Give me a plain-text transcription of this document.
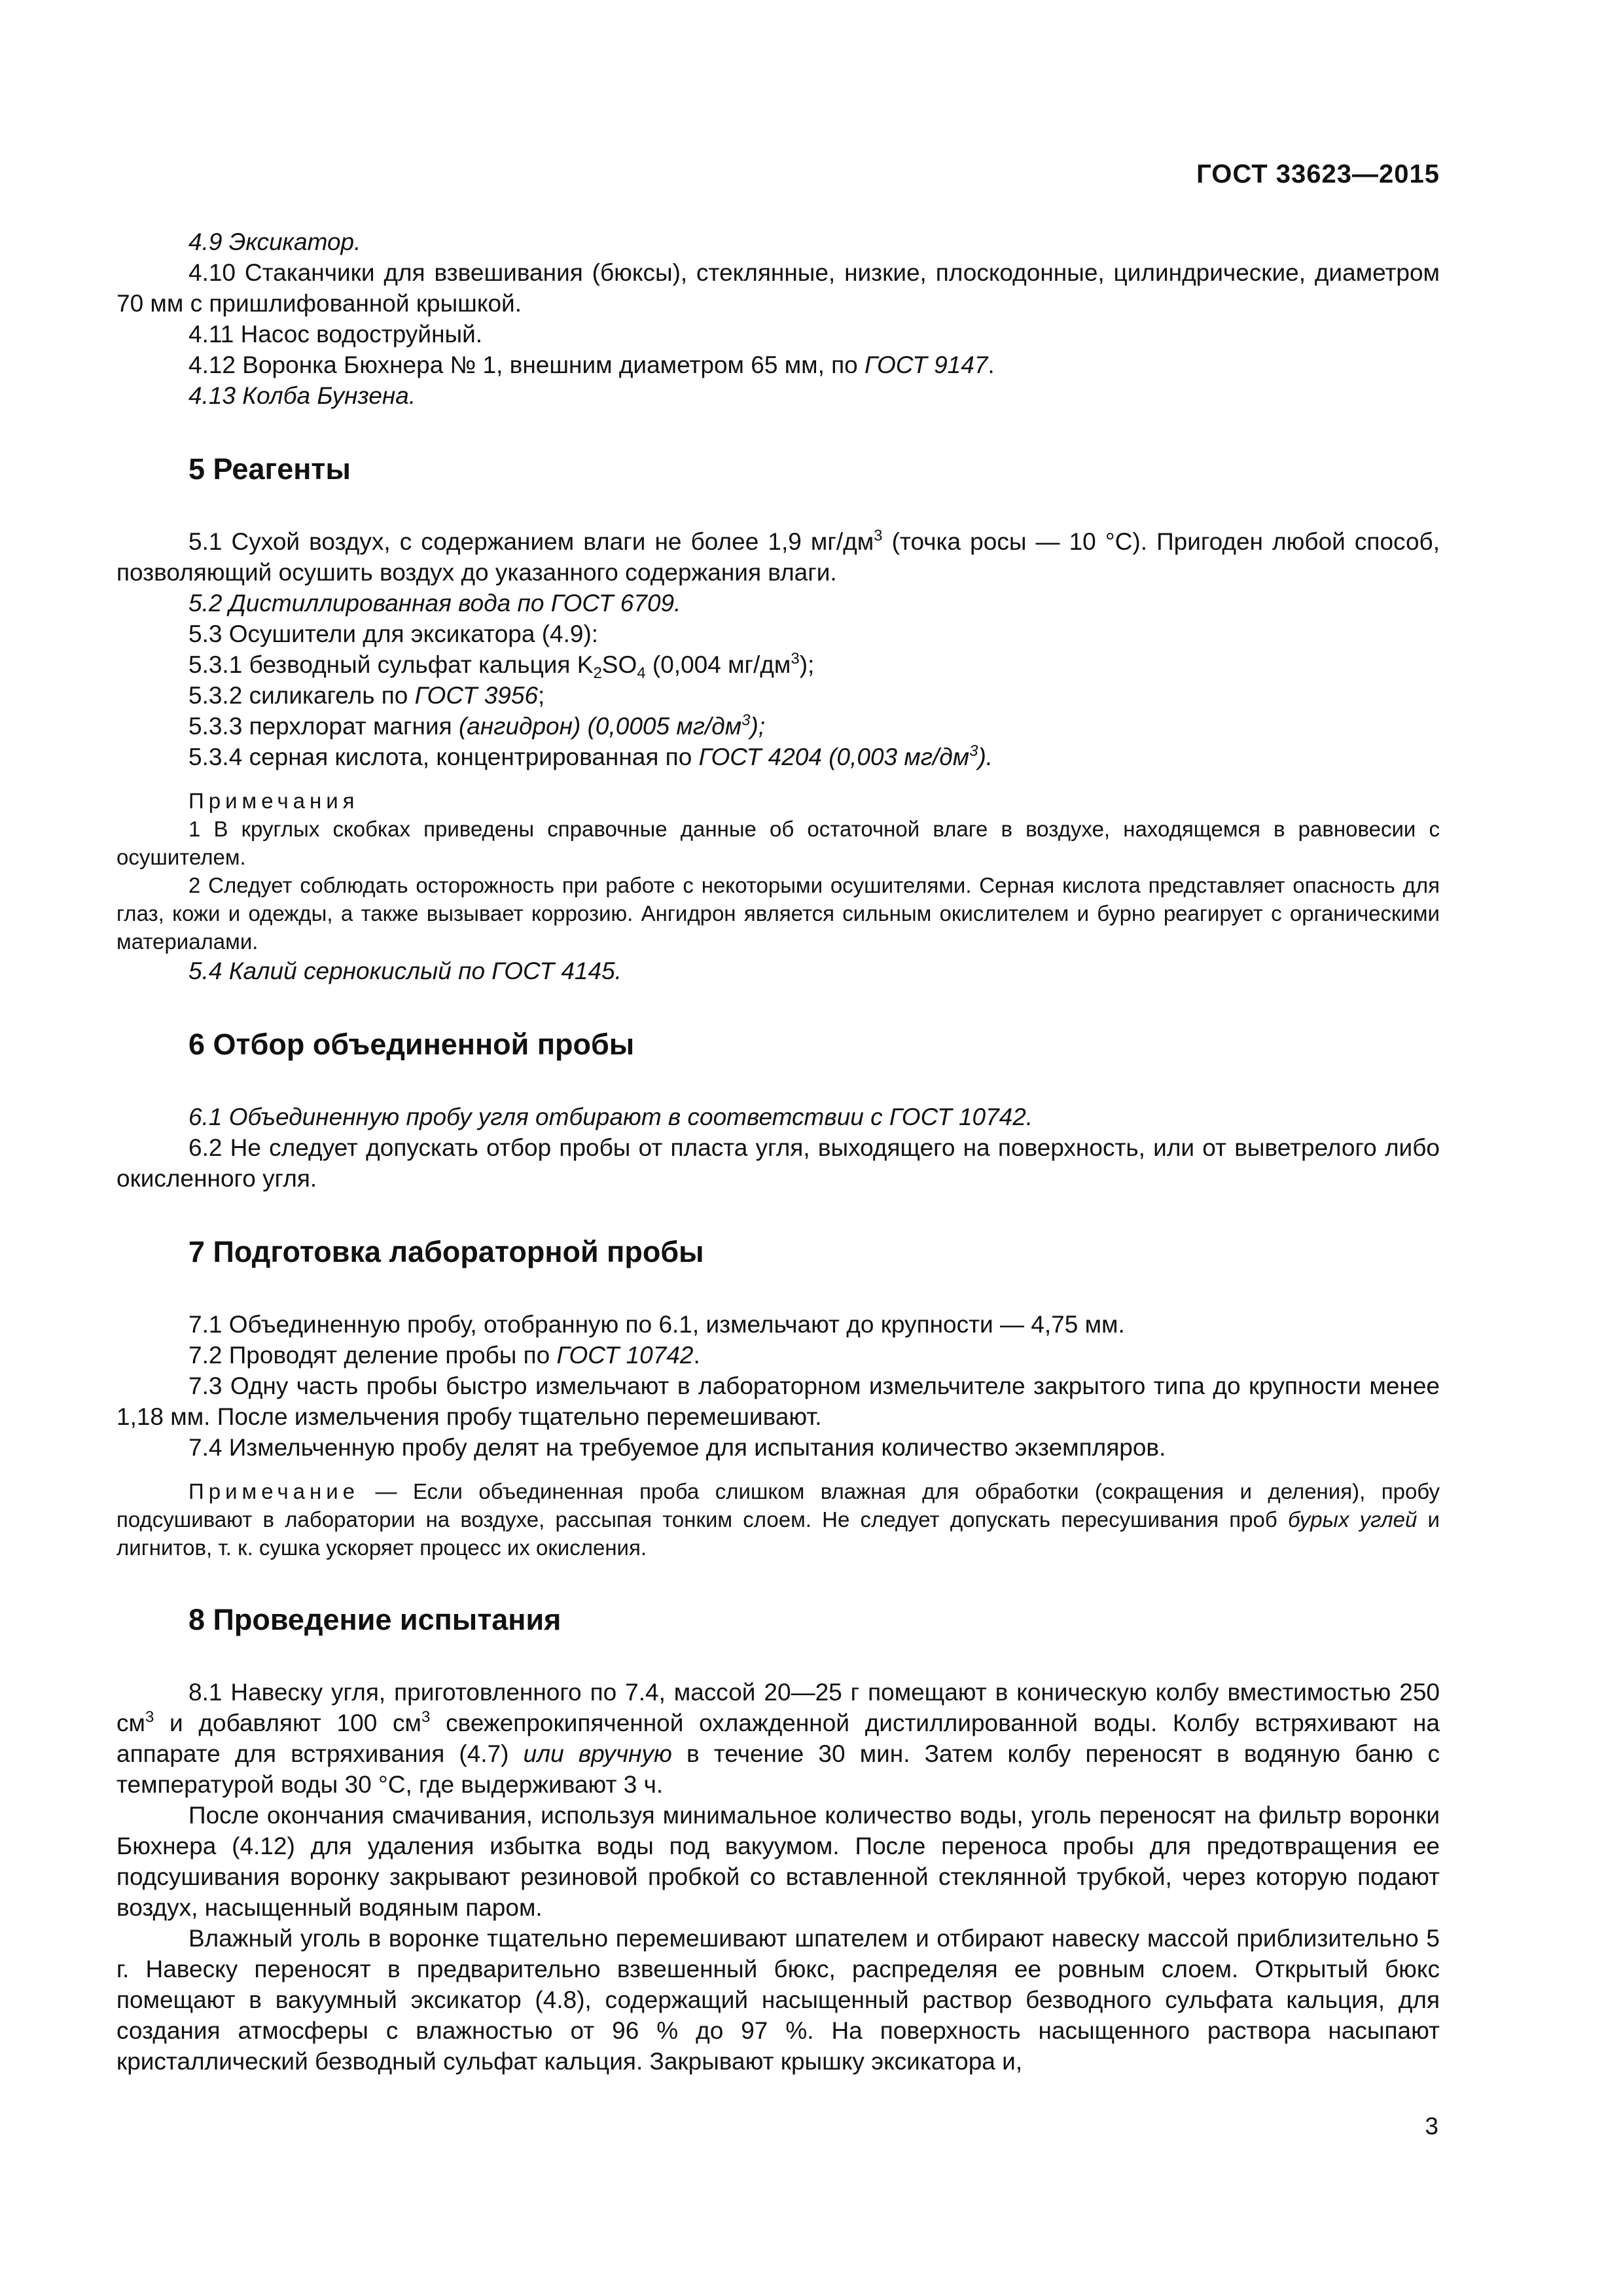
ГОСТ 33623—2015

4.9 Эксикатор.

4.10 Стаканчики для взвешивания (бюксы), стеклянные, низкие, плоскодонные, цилиндрические, диаметром 70 мм с пришлифованной крышкой.

4.11 Насос водоструйный.

4.12 Воронка Бюхнера № 1, внешним диаметром 65 мм, по ГОСТ 9147.

4.13 Колба Бунзена.

5 Реагенты

5.1 Сухой воздух, с содержанием влаги не более 1,9 $мг/дм^3$ (точка росы — 10 °C). Пригоден любой способ, позволяющий осушить воздух до указанного содержания влаги.

5.2 Дистиллированная вода по ГОСТ 6709.

5.3 Осушители для эксикатора (4.9):

5.3.1 безводный сульфат кальция $K_2SO_4$ (0,004 $мг/дм^3$);

5.3.2 силикагель по ГОСТ 3956;

5.3.3 перхлорат магния (ангидрон) (0,0005 $мг/дм^3$);

5.3.4 серная кислота, концентрированная по ГОСТ 4204 (0,003 $мг/дм^3$).

Примечания

1 В круглых скобках приведены справочные данные об остаточной влаге в воздухе, находящемся в равновесии с осушителем.

2 Следует соблюдать осторожность при работе с некоторыми осушителями. Серная кислота представляет опасность для глаз, кожи и одежды, а также вызывает коррозию. Ангидрон является сильным окислителем и бурно реагирует с органическими материалами.

5.4 Калий сернокислый по ГОСТ 4145.

6 Отбор объединенной пробы

6.1 Объединенную пробу угля отбирают в соответствии с ГОСТ 10742.

6.2 Не следует допускать отбор пробы от пласта угля, выходящего на поверхность, или от выветрелого либо окисленного угля.

7 Подготовка лабораторной пробы

7.1 Объединенную пробу, отобранную по 6.1, измельчают до крупности — 4,75 мм.

7.2 Проводят деление пробы по ГОСТ 10742.

7.3 Одну часть пробы быстро измельчают в лабораторном измельчителе закрытого типа до крупности менее 1,18 мм. После измельчения пробу тщательно перемешивают.

7.4 Измельченную пробу делят на требуемое для испытания количество экземпляров.

Примечание — Если объединенная проба слишком влажная для обработки (сокращения и деления), пробу подсушивают в лаборатории на воздухе, рассыпая тонким слоем. Не следует допускать пересушивания проб бурых углей и лигнитов, т. к. сушка ускоряет процесс их окисления.

8 Проведение испытания

8.1 Навеску угля, приготовленного по 7.4, массой 20—25 г помещают в коническую колбу вместимостью 250 $см^3$ и добавляют 100 $см^3$ свежепрокипяченной охлажденной дистиллированной воды. Колбу встряхивают на аппарате для встряхивания (4.7) или вручную в течение 30 мин. Затем колбу переносят в водяную баню с температурой воды 30 °C, где выдерживают 3 ч.

После окончания смачивания, используя минимальное количество воды, уголь переносят на фильтр воронки Бюхнера (4.12) для удаления избытка воды под вакуумом. После переноса пробы для предотвращения ее подсушивания воронку закрывают резиновой пробкой со вставленной стеклянной трубкой, через которую подают воздух, насыщенный водяным паром.

Влажный уголь в воронке тщательно перемешивают шпателем и отбирают навеску массой приблизительно 5 г. Навеску переносят в предварительно взвешенный бюкс, распределяя ее ровным слоем. Открытый бюкс помещают в вакуумный эксикатор (4.8), содержащий насыщенный раствор безводного сульфата кальция, для создания атмосферы с влажностью от 96 % до 97 %. На поверхность насыщенного раствора насыпают кристаллический безводный сульфат кальция. Закрывают крышку эксикатора и,

3
